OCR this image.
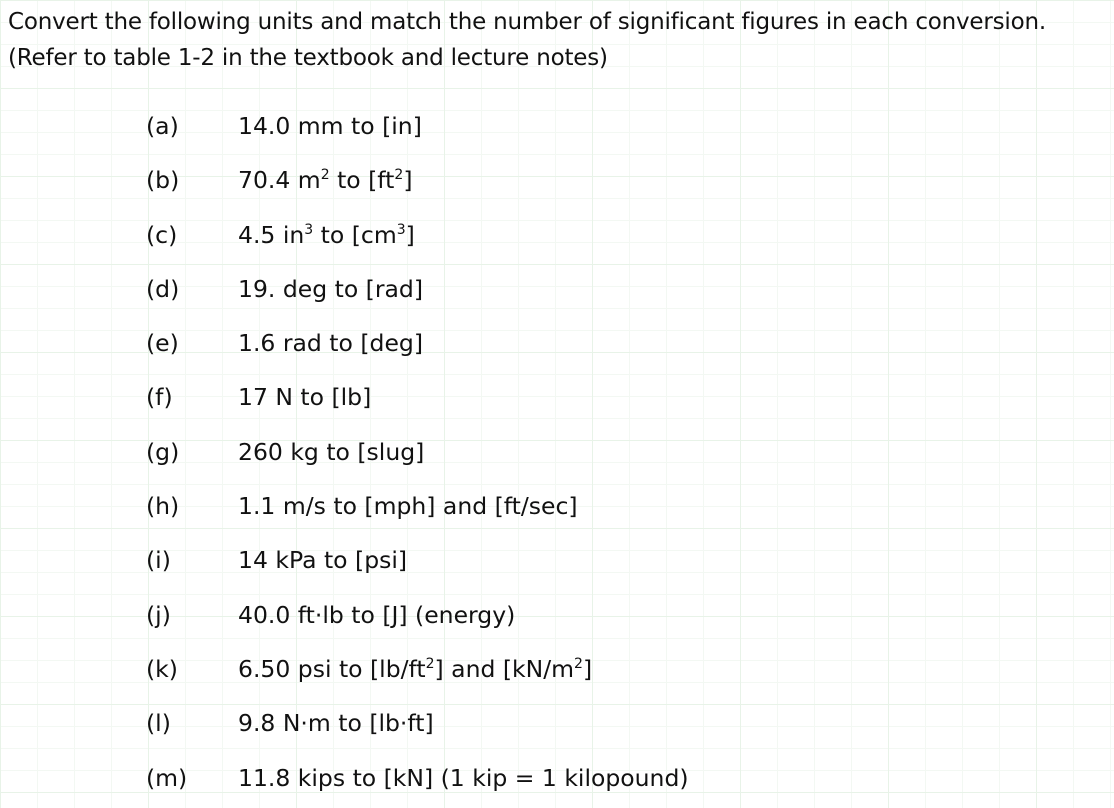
Convert the following units and match the number of significant figures in each conversion.
(Refer to table 1-2 in the textbook and lecture notes)
(a)	14.0 mm to [in]
(b) 70.4 $m^2$ to $[ft^2]$
(c)	4.5 $in^3$ to $[cm^3]$
(d) 19. deg to [rad]
(e)	1.6 rad to [deg]
(f)	17 N to [lb]
(g) 260 kg to [slug]
(h)	1.1 m/s to [mph] and [ft/sec]
(i)	14 kPa to [psi]
(j)	40.0 ft·lb to [J] (energy)
(k)	6.50 psi to $[lb/ft^2]$ and $[kN/m^2]$
(l)	9.8 N·m to [lb·ft]
(m) 11.8 kips to [kN] (1 kip = 1 kilopound)
